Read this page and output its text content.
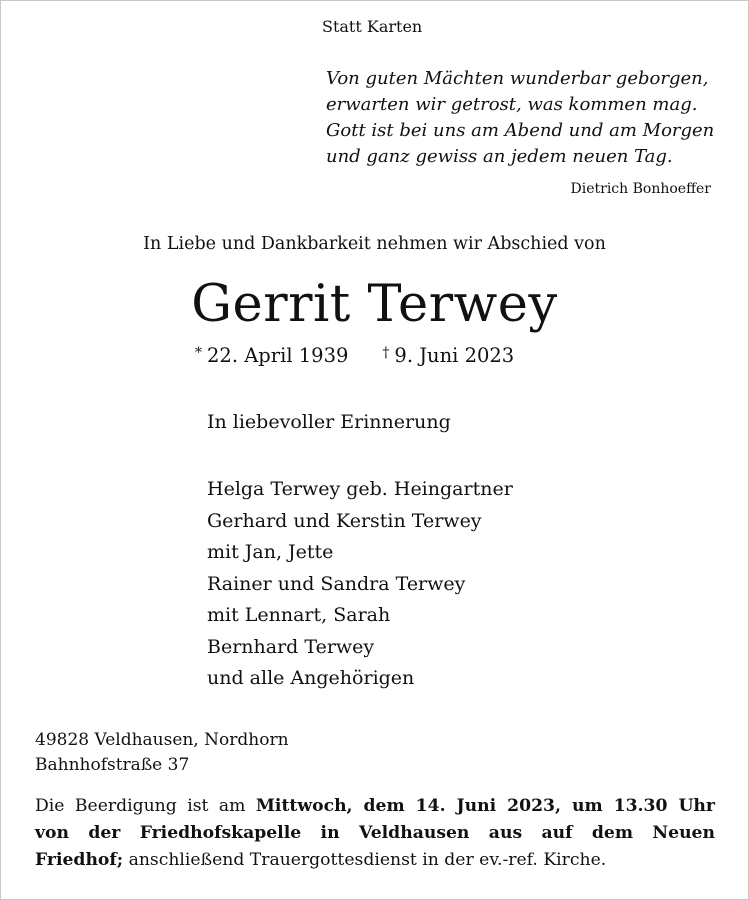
Statt Karten
Von guten Mächten wunderbar geborgen,
erwarten wir getrost, was kommen mag.
Gott ist bei uns am Abend und am Morgen
und ganz gewiss an jedem neuen Tag.
Dietrich Bonhoeffer
In Liebe und Dankbarkeit nehmen wir Abschied von
Gerrit Terwey
* 22. April 1939 † 9. Juni 2023
In liebevoller Erinnerung
Helga Terwey geb. Heingartner
Gerhard und Kerstin Terwey
mit Jan, Jette
Rainer und Sandra Terwey
mit Lennart, Sarah
Bernhard Terwey
und alle Angehörigen
49828 Veldhausen, Nordhorn
Bahnhofstraße 37
Die Beerdigung ist am Mittwoch, dem 14. Juni 2023, um 13.30 Uhr
von der Friedhofskapelle in Veldhausen aus auf dem Neuen
Friedhof; anschließend Trauergottesdienst in der ev.-ref. Kirche.
